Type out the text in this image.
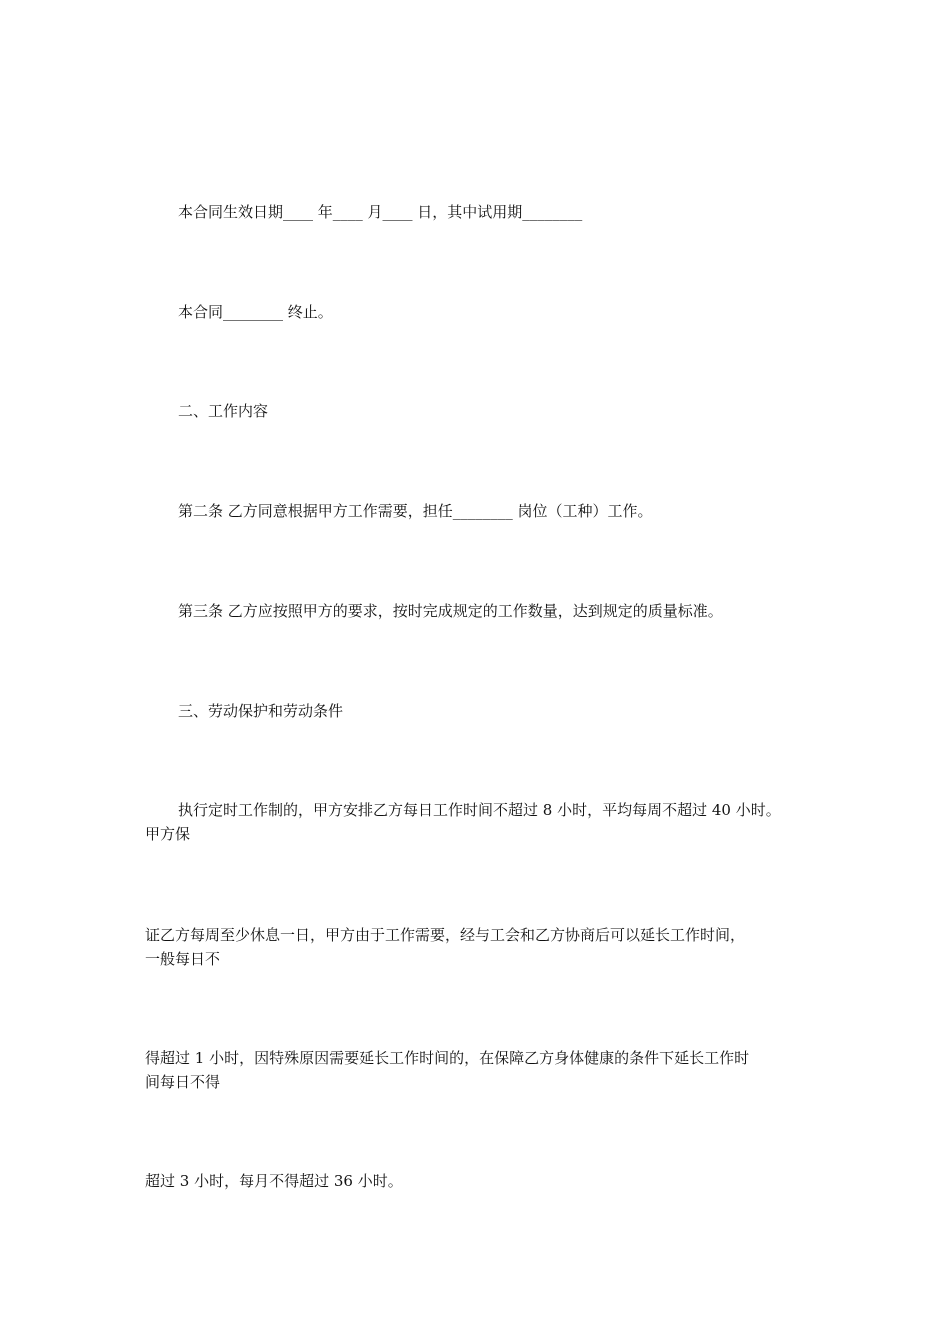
本合同生效日期____ 年____ 月____ 日，其中试用期________
本合同________ 终止。
二、工作内容
第二条 乙方同意根据甲方工作需要，担任________ 岗位（工种）工作。
第三条 乙方应按照甲方的要求，按时完成规定的工作数量，达到规定的质量标准。
三、劳动保护和劳动条件
执行定时工作制的，甲方安排乙方每日工作时间不超过 8 小时，平均每周不超过 40 小时。
甲方保
证乙方每周至少休息一日，甲方由于工作需要，经与工会和乙方协商后可以延长工作时间，
一般每日不
得超过 1 小时，因特殊原因需要延长工作时间的，在保障乙方身体健康的条件下延长工作时
间每日不得
超过 3 小时，每月不得超过 36 小时。
